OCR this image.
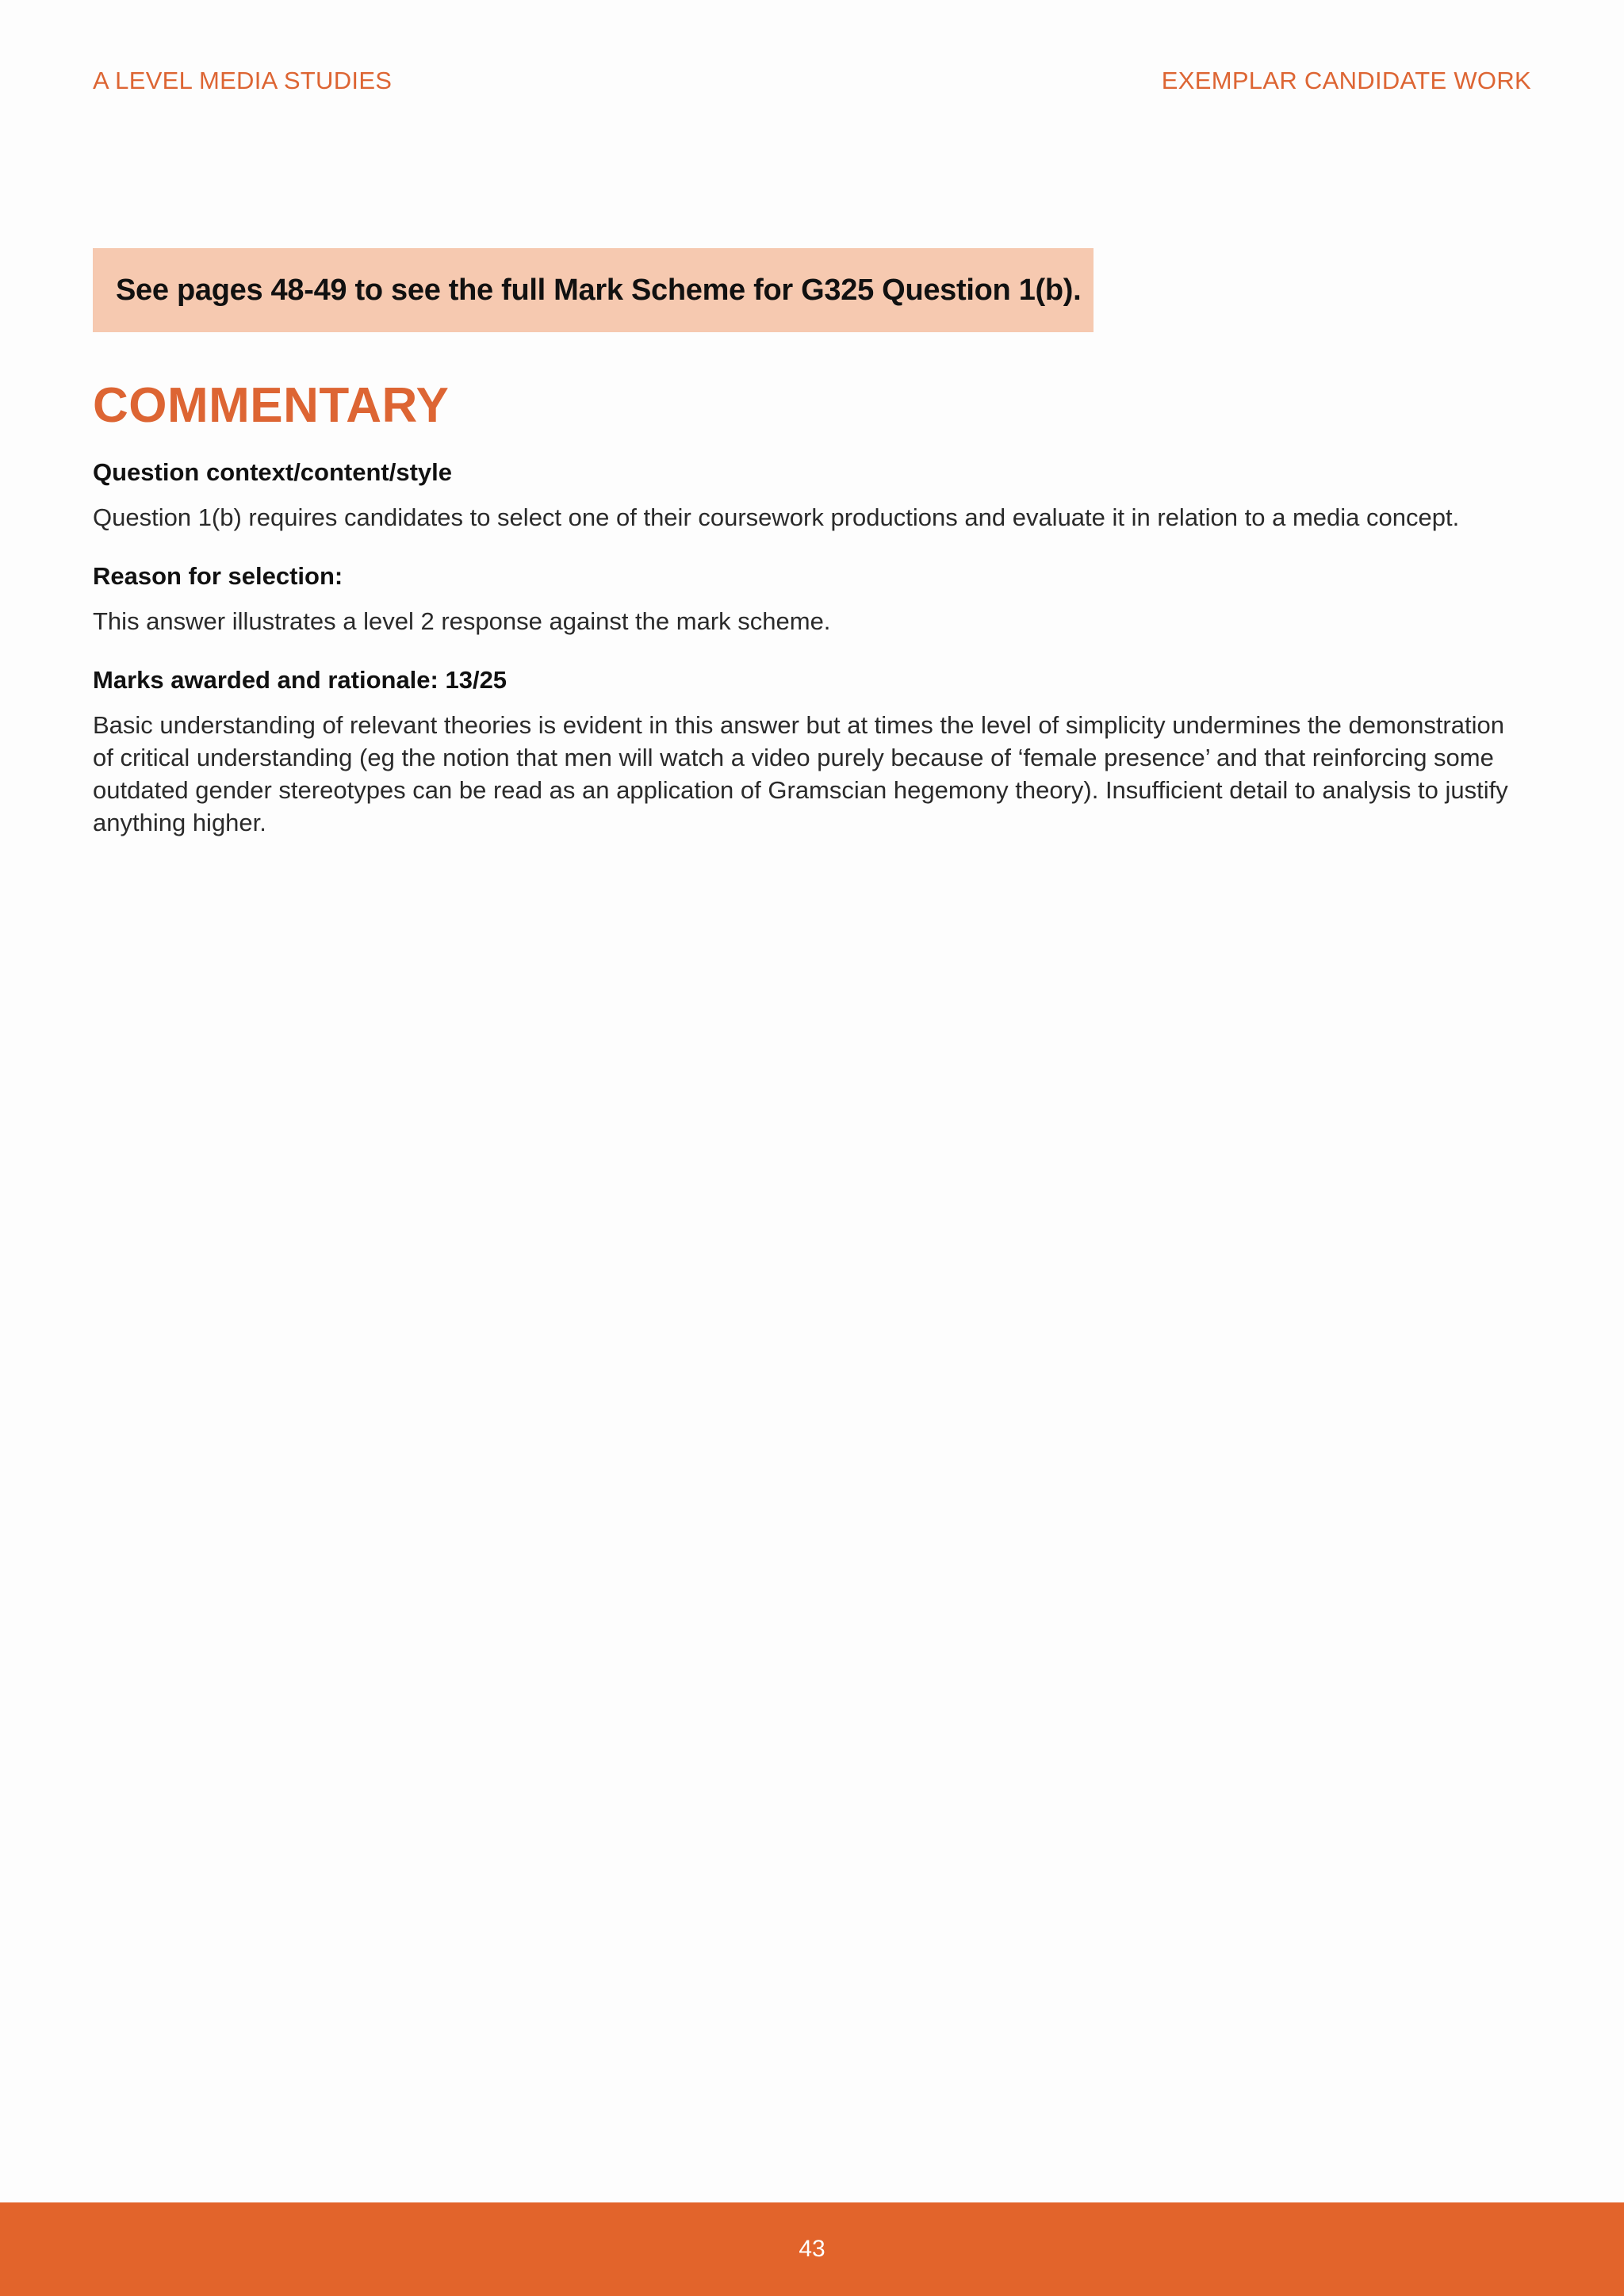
A LEVEL MEDIA STUDIES	EXEMPLAR CANDIDATE WORK
See pages 48-49 to see the full Mark Scheme for G325 Question 1(b).
COMMENTARY
Question context/content/style

Question 1(b) requires candidates to select one of their coursework productions and evaluate it in relation to a media concept.

Reason for selection:

This answer illustrates a level 2 response against the mark scheme.

Marks awarded and rationale: 13/25

Basic understanding of relevant theories is evident in this answer but at times the level of simplicity undermines the demonstration of critical understanding (eg the notion that men will watch a video purely because of ‘female presence’ and that reinforcing some outdated gender stereotypes can be read as an application of Gramscian hegemony theory). Insufficient detail to analysis to justify anything higher.

43
